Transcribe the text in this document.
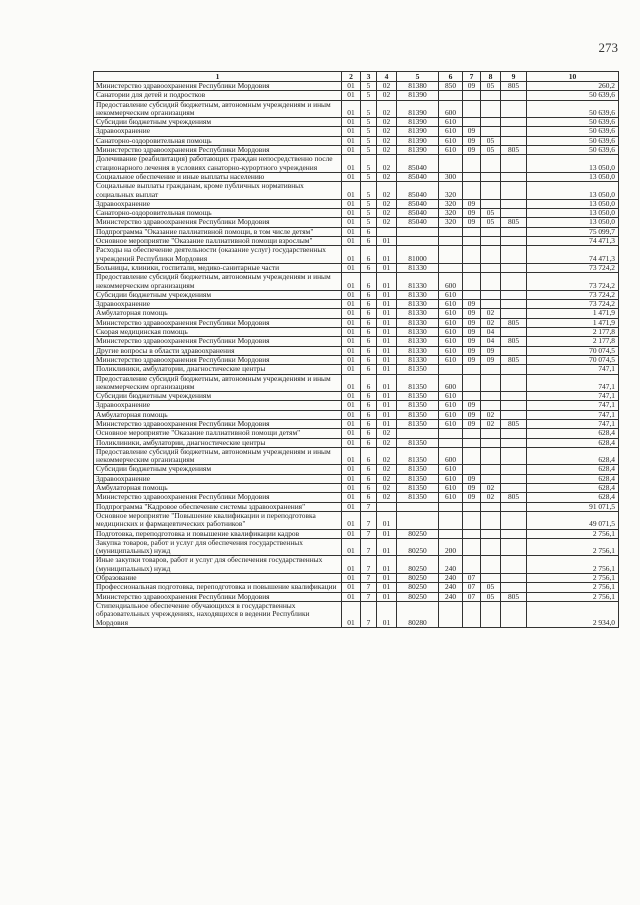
273
1	2	3	4	5	6	7	8	9	10
Министерство здравоохранения Республики Мордовия	01	5	02	81380	850	09	05	805	260,2
Санатории для детей и подростков	01	5	02	81390					50 639,6
Предоставление субсидий бюджетным, автономным учреждениям и иным некоммерческим организациям	01	5	02	81390	600				50 639,6
Субсидии бюджетным учреждениям	01	5	02	81390	610				50 639,6
Здравоохранение	01	5	02	81390	610	09			50 639,6
Санаторно-оздоровительная помощь	01	5	02	81390	610	09	05		50 639,6
Министерство здравоохранения Республики Мордовия	01	5	02	81390	610	09	05	805	50 639,6
Долечивание (реабилитация) работающих граждан непосредственно после стационарного лечения в условиях санаторно-курортного учреждения	01	5	02	85040					13 050,0
Социальное обеспечение и иные выплаты населению	01	5	02	85040	300				13 050,0
Социальные выплаты гражданам, кроме публичных нормативных социальных выплат	01	5	02	85040	320				13 050,0
Здравоохранение	01	5	02	85040	320	09			13 050,0
Санаторно-оздоровительная помощь	01	5	02	85040	320	09	05		13 050,0
Министерство здравоохранения Республики Мордовия	01	5	02	85040	320	09	05	805	13 050,0
Подпрограмма "Оказание паллиативной помощи, в том числе детям"	01	6							75 099,7
Основное мероприятие "Оказание паллиативной помощи взрослым"	01	6	01						74 471,3
Расходы на обеспечение деятельности (оказание услуг) государственных учреждений Республики Мордовия	01	6	01	81000					74 471,3
Больницы, клиники, госпитали, медико-санитарные части	01	6	01	81330					73 724,2
Предоставление субсидий бюджетным, автономным учреждениям и иным некоммерческим организациям	01	6	01	81330	600				73 724,2
Субсидии бюджетным учреждениям	01	6	01	81330	610				73 724,2
Здравоохранение	01	6	01	81330	610	09			73 724,2
Амбулаторная помощь	01	6	01	81330	610	09	02		1 471,9
Министерство здравоохранения Республики Мордовия	01	6	01	81330	610	09	02	805	1 471,9
Скорая медицинская помощь	01	6	01	81330	610	09	04		2 177,8
Министерство здравоохранения Республики Мордовия	01	6	01	81330	610	09	04	805	2 177,8
Другие вопросы в области здравоохранения	01	6	01	81330	610	09	09		70 074,5
Министерство здравоохранения Республики Мордовия	01	6	01	81330	610	09	09	805	70 074,5
Поликлиники, амбулатории, диагностические центры	01	6	01	81350					747,1
Предоставление субсидий бюджетным, автономным учреждениям и иным некоммерческим организациям	01	6	01	81350	600				747,1
Субсидии бюджетным учреждениям	01	6	01	81350	610				747,1
Здравоохранение	01	6	01	81350	610	09			747,1
Амбулаторная помощь	01	6	01	81350	610	09	02		747,1
Министерство здравоохранения Республики Мордовия	01	6	01	81350	610	09	02	805	747,1
Основное мероприятие "Оказание паллиативной помощи детям"	01	6	02						628,4
Поликлиники, амбулатории, диагностические центры	01	6	02	81350					628,4
Предоставление субсидий бюджетным, автономным учреждениям и иным некоммерческим организациям	01	6	02	81350	600				628,4
Субсидии бюджетным учреждениям	01	6	02	81350	610				628,4
Здравоохранение	01	6	02	81350	610	09			628,4
Амбулаторная помощь	01	6	02	81350	610	09	02		628,4
Министерство здравоохранения Республики Мордовия	01	6	02	81350	610	09	02	805	628,4
Подпрограмма "Кадровое обеспечение системы здравоохранения"	01	7							91 071,5
Основное мероприятие "Повышение квалификации и переподготовка медицинских и фармацевтических работников"	01	7	01						49 071,5
Подготовка, переподготовка и повышение квалификации кадров	01	7	01	80250					2 756,1
Закупка товаров, работ и услуг для обеспечения государственных (муниципальных) нужд	01	7	01	80250	200				2 756,1
Иные закупки товаров, работ и услуг для обеспечения государственных (муниципальных) нужд	01	7	01	80250	240				2 756,1
Образование	01	7	01	80250	240	07			2 756,1
Профессиональная подготовка, переподготовка и повышение квалификации	01	7	01	80250	240	07	05		2 756,1
Министерство здравоохранения Республики Мордовия	01	7	01	80250	240	07	05	805	2 756,1
Стипендиальное обеспечение обучающихся в государственных образовательных учреждениях, находящихся в ведении Республики Мордовия	01	7	01	80280					2 934,0
